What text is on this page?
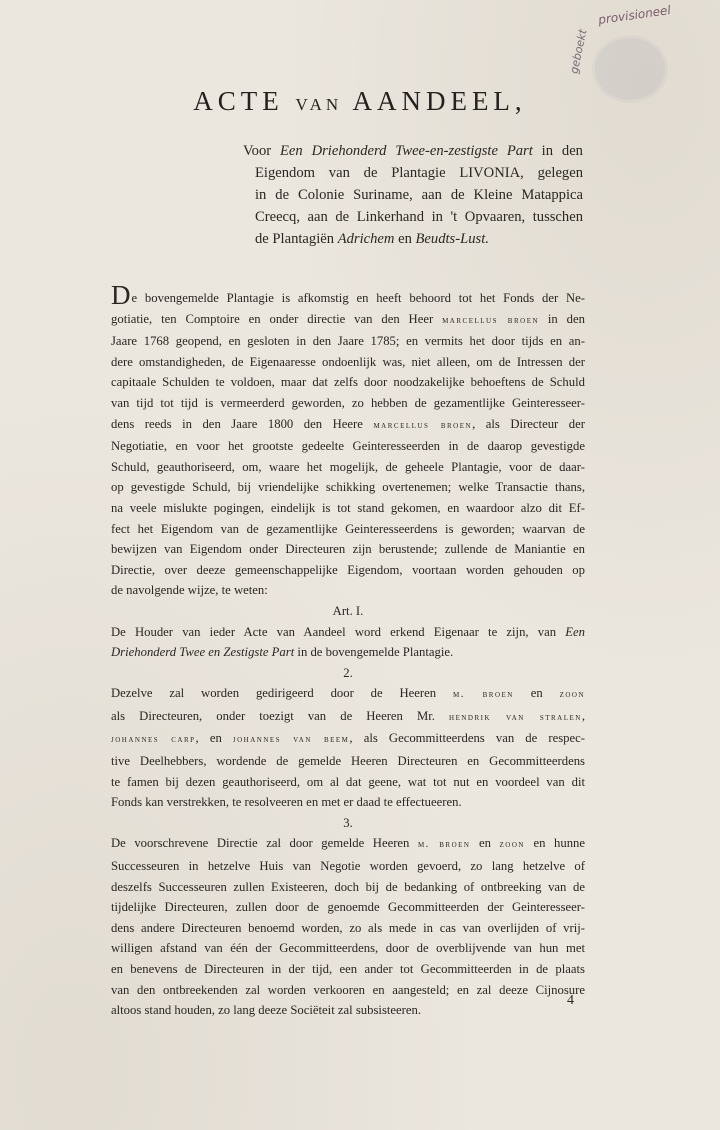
provisioneel
geboekt
ACTE VAN AANDEEL,
Voor Een Driehonderd Twee-en-zestigste Part in den
Eigendom van de Plantagie LIVONIA, gelegen
in de Colonie Suriname, aan de Kleine Matappica
Creecq, aan de Linkerhand in 't Opvaaren, tusschen
de Plantagiën Adrichem en Beudts-Lust.
De bovengemelde Plantagie is afkomstig en heeft behoord tot het Fonds der Ne-
gotiatie, ten Comptoire en onder directie van den Heer marcellus broen in den
Jaare 1768 geopend, en gesloten in den Jaare 1785; en vermits het door tijds en an-
dere omstandigheden, de Eigenaaresse ondoenlijk was, niet alleen, om de Intressen der
capitaale Schulden te voldoen, maar dat zelfs door noodzakelijke behoeftens de Schuld
van tijd tot tijd is vermeerderd geworden, zo hebben de gezamentlijke Geinteresseer-
dens reeds in den Jaare 1800 den Heere marcellus broen, als Directeur der
Negotiatie, en voor het grootste gedeelte Geinteresseerden in de daarop gevestigde
Schuld, geauthoriseerd, om, waare het mogelijk, de geheele Plantagie, voor de daar-
op gevestigde Schuld, bij vriendelijke schikking overtenemen; welke Transactie thans,
na veele mislukte pogingen, eindelijk is tot stand gekomen, en waardoor alzo dit Ef-
fect het Eigendom van de gezamentlijke Geinteresseerdens is geworden; waarvan de
bewijzen van Eigendom onder Directeuren zijn berustende; zullende de Maniantie en
Directie, over deeze gemeenschappelijke Eigendom, voortaan worden gehouden op
de navolgende wijze, te weten:
Art. I.
De Houder van ieder Acte van Aandeel word erkend Eigenaar te zijn, van Een
Driehonderd Twee en Zestigste Part in de bovengemelde Plantagie.
2.
Dezelve zal worden gedirigeerd door de Heeren m. broen en zoon
als Directeuren, onder toezigt van de Heeren Mr. hendrik van stralen,
johannes carp, en johannes van beem, als Gecommitteerdens van de respec-
tive Deelhebbers, wordende de gemelde Heeren Directeuren en Gecommitteerdens
te famen bij dezen geauthoriseerd, om al dat geene, wat tot nut en voordeel van dit
Fonds kan verstrekken, te resolveeren en met er daad te effectueeren.
3.
De voorschrevene Directie zal door gemelde Heeren m. broen en zoon en hunne
Successeuren in hetzelve Huis van Negotie worden gevoerd, zo lang hetzelve of
deszelfs Successeuren zullen Existeeren, doch bij de bedanking of ontbreeking van de
tijdelijke Directeuren, zullen door de genoemde Gecommitteerden der Geinteresseer-
dens andere Directeuren benoemd worden, zo als mede in cas van overlijden of vrij-
willigen afstand van één der Gecommitteerdens, door de overblijvende van hun met
en benevens de Directeuren in der tijd, een ander tot Gecommitteerden in de plaats
van den ontbreekenden zal worden verkooren en aangesteld; en zal deeze Cijnosure
altoos stand houden, zo lang deeze Sociëteit zal subsisteeren.
4
